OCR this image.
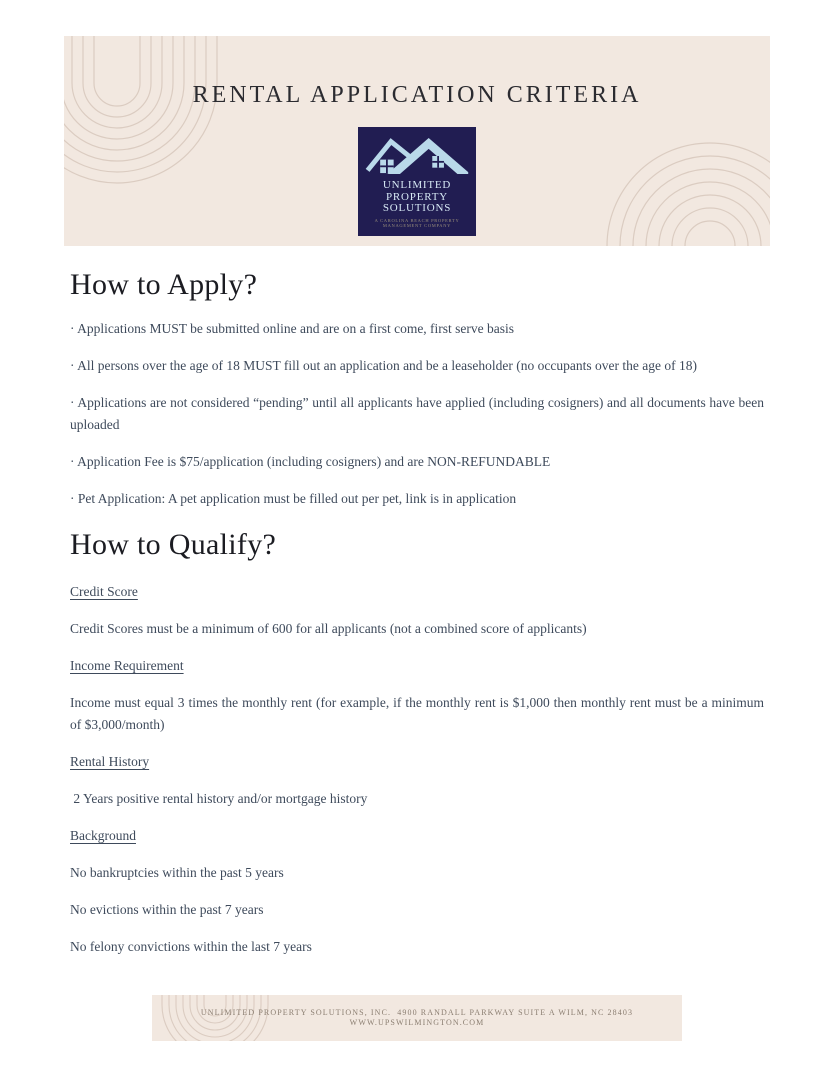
RENTAL APPLICATION CRITERIA
UNLIMITED
PROPERTY
SOLUTIONS
A CAROLINA BEACH PROPERTY
MANAGEMENT COMPANY
How to Apply?

· Applications MUST be submitted online and are on a first come, first serve basis

· All persons over the age of 18 MUST fill out an application and be a leaseholder (no occupants over the age of 18)

· Applications are not considered “pending” until all applicants have applied (including cosigners) and all documents have been uploaded

· Application Fee is $75/application (including cosigners) and are NON-REFUNDABLE

· Pet Application: A pet application must be filled out per pet, link is in application

How to Qualify?

Credit Score

Credit Scores must be a minimum of 600 for all applicants (not a combined score of applicants)

Income Requirement

Income must equal 3 times the monthly rent (for example, if the monthly rent is $1,000 then monthly rent must be a minimum of $3,000/month)

Rental History

2 Years positive rental history and/or mortgage history

Background

No bankruptcies within the past 5 years

No evictions within the past 7 years

No felony convictions within the last 7 years

UNLIMITED PROPERTY SOLUTIONS, INC.  4900 RANDALL PARKWAY SUITE A WILM, NC 28403
WWW.UPSWILMINGTON.COM
